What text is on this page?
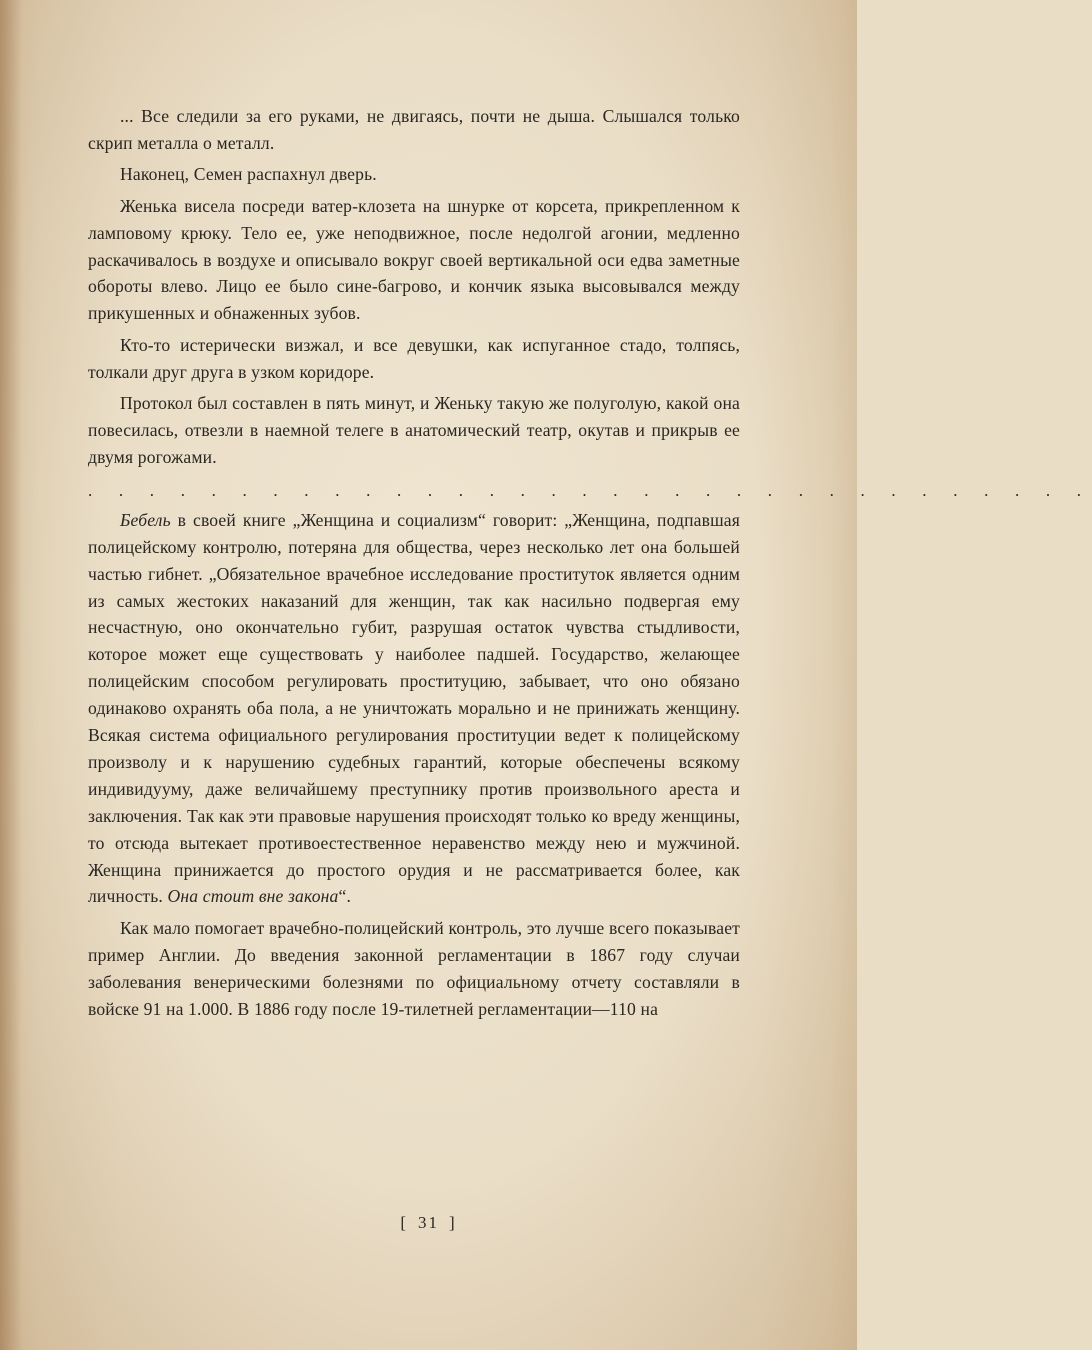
... Все следили за его руками, не двигаясь, почти не дыша. Слышался только скрип металла о металл.

Наконец, Семен распахнул дверь.

Женька висела посреди ватер-клозета на шнурке от корсета, прикрепленном к ламповому крюку. Тело ее, уже неподвижное, после недолгой агонии, медленно раскачивалось в воздухе и описывало вокруг своей вертикальной оси едва заметные обороты влево. Лицо ее было сине-багрово, и кончик языка высовывался между прикушенных и обнаженных зубов.

Кто-то истерически визжал, и все девушки, как испуганное стадо, толпясь, толкали друг друга в узком коридоре.

Протокол был составлен в пять минут, и Женьку такую же полуголую, какой она повесилась, отвезли в наемной телеге в анатомический театр, окутав и прикрыв ее двумя рогожами.

. . . . . . . . . . . . . . . . . . . . . . . . . . . . . . . . .

Бебель в своей книге „Женщина и социализм“ говорит: „Женщина, подпавшая полицейскому контролю, потеряна для общества, через несколько лет она большей частью гибнет. „Обязательное врачебное исследование проституток является одним из самых жестоких наказаний для женщин, так как насильно подвергая ему несчастную, оно окончательно губит, разрушая остаток чувства стыдливости, которое может еще существовать у наиболее падшей. Государство, желающее полицейским способом регулировать проституцию, забывает, что оно обязано одинаково охранять оба пола, а не уничтожать морально и не принижать женщину. Всякая система официального регулирования проституции ведет к полицейскому произволу и к нарушению судебных гарантий, которые обеспечены всякому индивидууму, даже величайшему преступнику против произвольного ареста и заключения. Так как эти правовые нарушения происходят только ко вреду женщины, то отсюда вытекает противоестественное неравенство между нею и мужчиной. Женщина принижается до простого орудия и не рассматривается более, как личность. Она стоит вне закона“.

Как мало помогает врачебно-полицейский контроль, это лучше всего показывает пример Англии. До введения законной регламентации в 1867 году случаи заболевания венерическими болезнями по официальному отчету составляли в войске 91 на 1.000. В 1886 году после 19-тилетней регламентации—110 на

[ 31 ]
